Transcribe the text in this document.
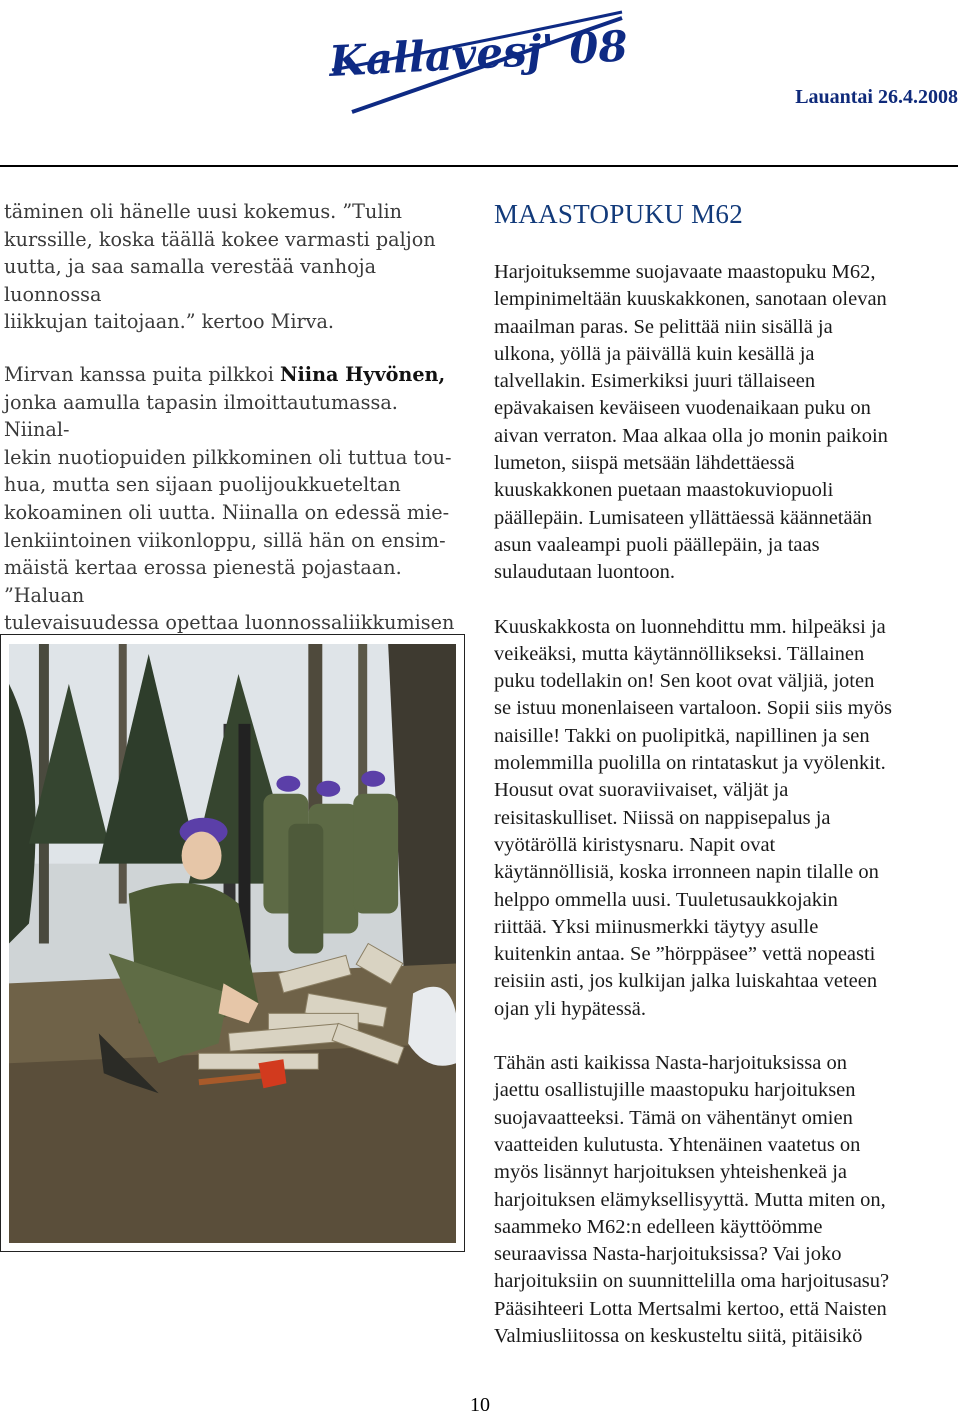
Kallavesj' 08
Lauantai 26.4.2008

täminen oli hänelle uusi kokemus. ”Tulin
kurssille, koska täällä kokee varmasti paljon
uutta, ja saa samalla verestää vanhoja luonnossa
liikkujan taitojaan.” kertoo Mirva.

Mirvan kanssa puita pilkkoi Niina Hyvönen,
jonka aamulla tapasin ilmoittautumassa. Niinal-
lekin nuotiopuiden pilkkominen oli tuttua tou-
hua, mutta sen sijaan puolijoukkueteltan
kokoaminen oli uutta. Niinalla on edessä mie-
lenkiintoinen viikonloppu, sillä hän on ensim-
mäistä kertaa erossa pienestä pojastaan. ”Haluan
tulevaisuudessa opettaa luonnossaliikkumisen

MAASTOPUKU M62

Harjoituksemme suojavaate maastopuku M62,
lempinimeltään kuuskakkonen, sanotaan olevan
maailman paras. Se pelittää niin sisällä ja
ulkona, yöllä ja päivällä kuin kesällä ja
talvellakin. Esimerkiksi juuri tällaiseen
epävakaisen keväiseen vuodenaikaan puku on
aivan verraton. Maa alkaa olla jo monin paikoin
lumeton, siispä metsään lähdettäessä
kuuskakkonen puetaan maastokuviopuoli
päällepäin. Lumisateen yllättäessä käännetään
asun vaaleampi puoli päällepäin, ja taas
sulaudutaan luontoon.

Kuuskakkosta on luonnehdittu mm. hilpeäksi ja
veikeäksi, mutta käytännöllikseksi. Tällainen
puku todellakin on! Sen koot ovat väljiä, joten
se istuu monenlaiseen vartaloon. Sopii siis myös
naisille! Takki on puolipitkä, napillinen ja sen
molemmilla puolilla on rintataskut ja vyölenkit.
Housut ovat suoraviivaiset, väljät ja
reisitaskulliset. Niissä on nappisepalus ja
vyötäröllä kiristysnaru. Napit ovat
käytännöllisiä, koska irronneen napin tilalle on
helppo ommella uusi. Tuuletusaukkojakin
riittää. Yksi miinusmerkki täytyy asulle
kuitenkin antaa. Se ”hörppäsee” vettä nopeasti
reisiin asti, jos kulkijan jalka luiskahtaa veteen
ojan yli hypätessä.

Tähän asti kaikissa Nasta-harjoituksissa on
jaettu osallistujille maastopuku harjoituksen
suojavaatteeksi. Tämä on vähentänyt omien
vaatteiden kulutusta. Yhtenäinen vaatetus on
myös lisännyt harjoituksen yhteishenkeä ja
harjoituksen elämyksellisyyttä. Mutta miten on,
saammeko M62:n edelleen käyttöömme
seuraavissa Nasta-harjoituksissa? Vai joko
harjoituksiin on suunnittelilla oma harjoitusasu?
Pääsihteeri Lotta Mertsalmi kertoo, että Naisten
Valmiusliitossa on keskusteltu siitä, pitäisikö

10
